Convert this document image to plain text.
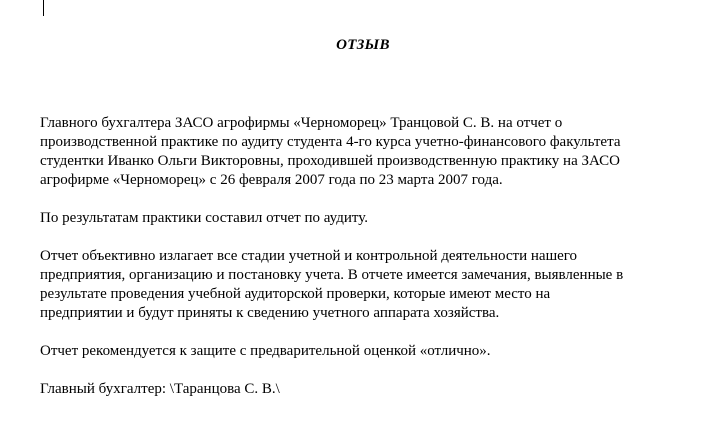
ОТЗЫВ

Главного бухгалтера ЗАСО агрофирмы «Черноморец» Транцовой С. В. на отчет о
производственной практике по аудиту студента 4-го курса учетно-финансового факультета
студентки Иванко Ольги Викторовны, проходившей производственную практику на ЗАСО
агрофирме «Черноморец» с 26 февраля 2007 года по 23 марта 2007 года.

По результатам практики составил отчет по аудиту.

Отчет объективно излагает все стадии учетной и контрольной деятельности нашего
предприятия, организацию и постановку учета. В отчете имеется замечания, выявленные в
результате проведения учебной аудиторской проверки, которые имеют место на
предприятии и будут приняты к сведению учетного аппарата хозяйства.

Отчет рекомендуется к защите с предварительной оценкой «отлично».

Главный бухгалтер: \Таранцова С. В.\
